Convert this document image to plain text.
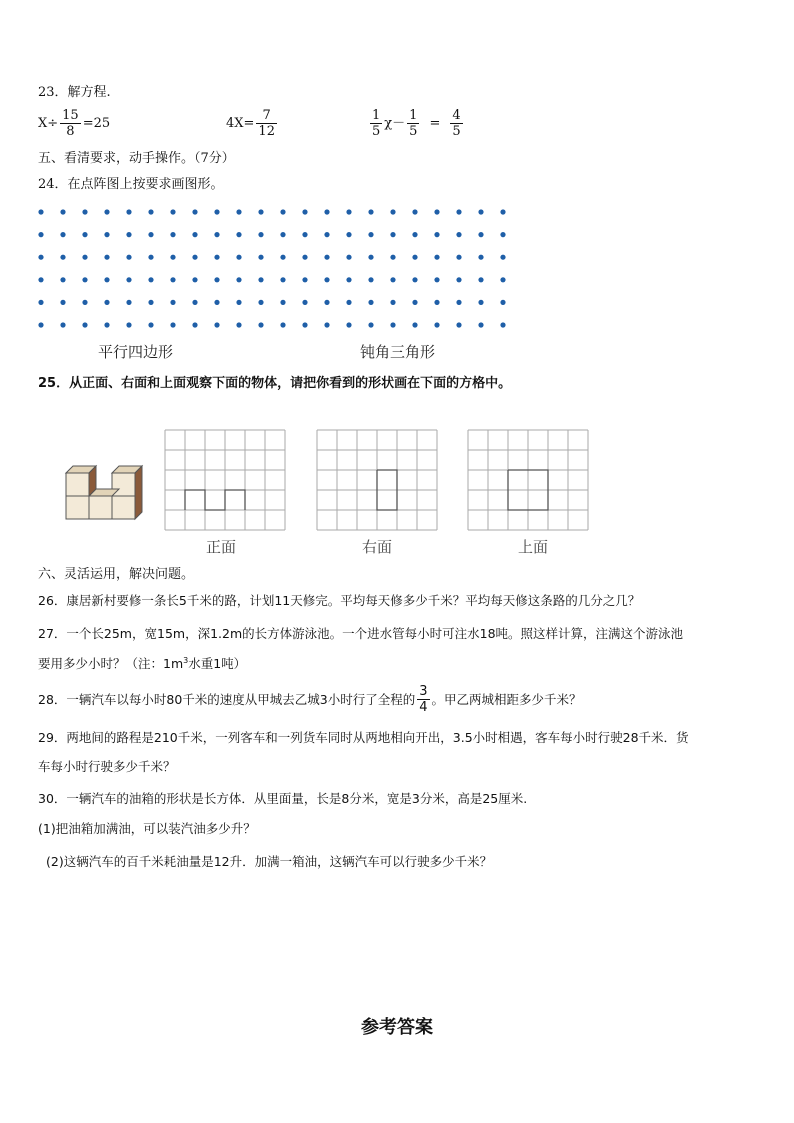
23．解方程.
$X\div \frac{15}{8} =25$	$4X= \frac{7}{12}$	$\frac{1}{5} \chi- \frac{1}{5} = \frac{4}{5}$
五、看清要求，动手操作。（7分）
24．在点阵图上按要求画图形。
平行四边形	钝角三角形
25．从正面、右面和上面观察下面的物体，请把你看到的形状画在下面的方格中。
正面	右面	上面
六、灵活运用，解决问题。
26．康居新村要修一条长5千米的路，计划11天修完。平均每天修多少千米？平均每天修这条路的几分之几？
27．一个长25m，宽15m，深1.2m的长方体游泳池。一个进水管每小时可注水18吨。照这样计算，注满这个游泳池
要用多少小时？（注：$1m^3$水重1吨）
28．一辆汽车以每小时80千米的速度从甲城去乙城3小时行了全程的 $\frac{3}{4}$ 。甲乙两城相距多少千米？
29．两地间的路程是210千米，一列客车和一列货车同时从两地相向开出，3.5小时相遇，客车每小时行驶28千米．货
车每小时行驶多少千米？
30．一辆汽车的油箱的形状是长方体．从里面量，长是8分米，宽是3分米，高是25厘米.
(1)把油箱加满油，可以装汽油多少升？
(2)这辆汽车的百千米耗油量是12升．加满一箱油，这辆汽车可以行驶多少千米？
参考答案
